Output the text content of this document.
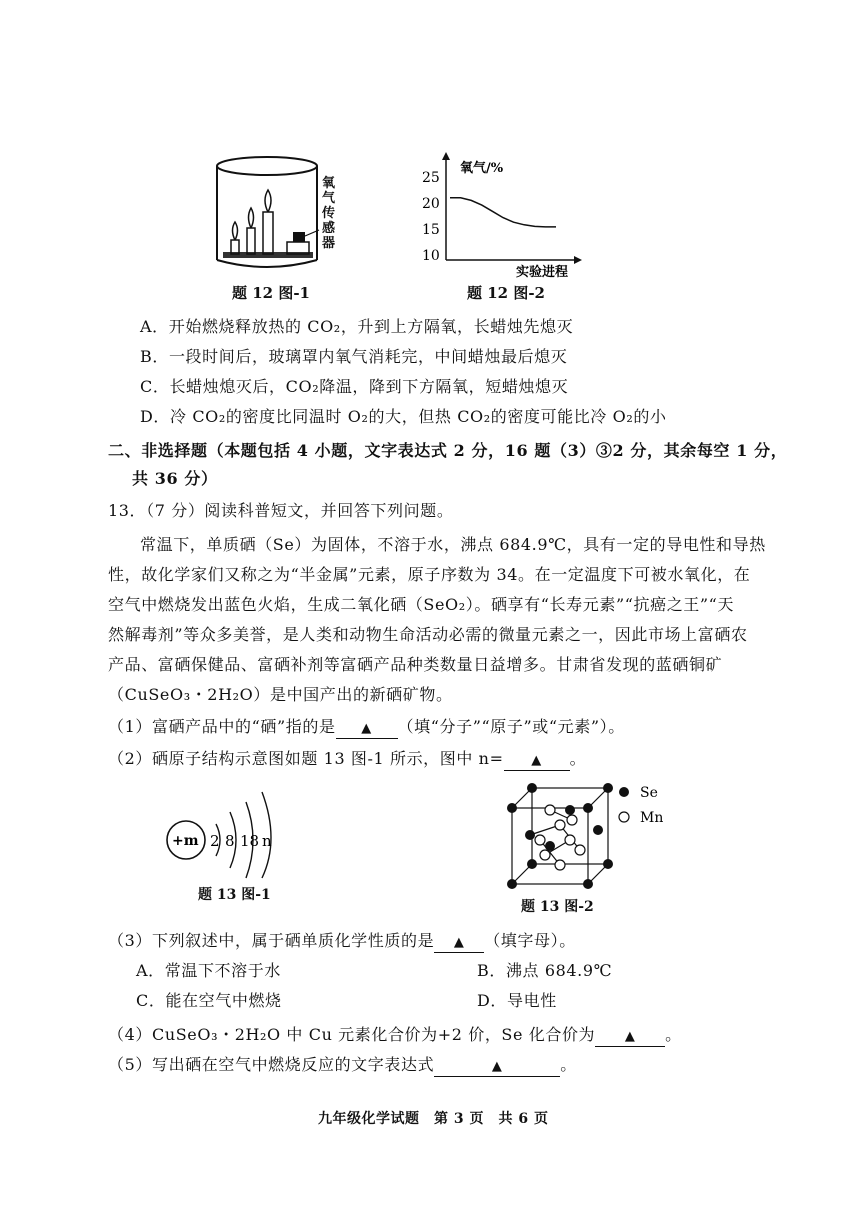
氧
气
传
感
器
题 12 图-1
氧气/%
实验进程
25
20
15
10
题 12 图-2
A．开始燃烧释放热的 CO₂，升到上方隔氧，长蜡烛先熄灭
B．一段时间后，玻璃罩内氧气消耗完，中间蜡烛最后熄灭
C．长蜡烛熄灭后，CO₂降温，降到下方隔氧，短蜡烛熄灭
D．冷 CO₂的密度比同温时 O₂的大，但热 CO₂的密度可能比冷 O₂的小
二、非选择题（本题包括 4 小题，文字表达式 2 分，16 题（3）③2 分，其余每空 1 分，
共 36 分）
13．（7 分）阅读科普短文，并回答下列问题。
常温下，单质硒（Se）为固体，不溶于水，沸点 684.9℃，具有一定的导电性和导热
性，故化学家们又称之为“半金属”元素，原子序数为 34。在一定温度下可被水氧化，在
空气中燃烧发出蓝色火焰，生成二氧化硒（SeO₂）。硒享有“长寿元素”“抗癌之王”“天
然解毒剂”等众多美誉，是人类和动物生命活动必需的微量元素之一，因此市场上富硒农
产品、富硒保健品、富硒补剂等富硒产品种类数量日益增多。甘肃省发现的蓝硒铜矿
（CuSeO₃・2H₂O）是中国产出的新硒矿物。
（1）富硒产品中的“硒”指的是 ▲ （填“分子”“原子”或“元素”）。
（2）硒原子结构示意图如题 13 图-1 所示，图中 n= ▲ 。
+m 2 8 18 n
题 13 图-1
Se
Mn
题 13 图-2
（3）下列叙述中，属于硒单质化学性质的是 ▲ （填字母）。
A．常温下不溶于水	B．沸点 684.9℃
C．能在空气中燃烧	D．导电性
（4）CuSeO₃・2H₂O 中 Cu 元素化合价为+2 价，Se 化合价为 ▲ 。
（5）写出硒在空气中燃烧反应的文字表达式	▲	。
九年级化学试题　第 3 页　共 6 页
